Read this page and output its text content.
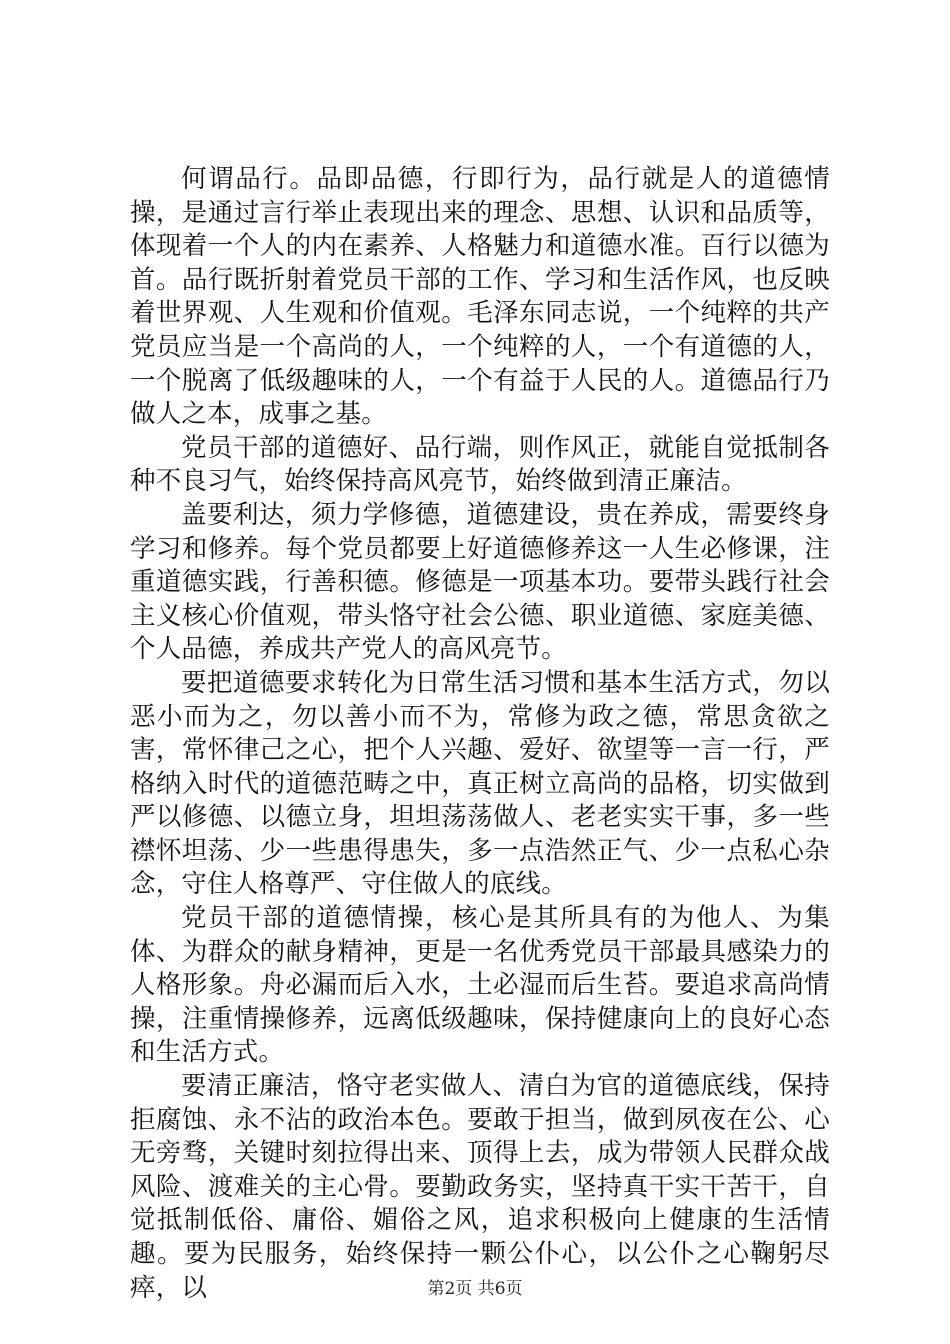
何谓品行。品即品德，行即行为，品行就是人的道德情操，是通过言行举止表现出来的理念、思想、认识和品质等，体现着一个人的内在素养、人格魅力和道德水准。百行以德为首。品行既折射着党员干部的工作、学习和生活作风，也反映着世界观、人生观和价值观。毛泽东同志说，一个纯粹的共产党员应当是一个高尚的人，一个纯粹的人，一个有道德的人，一个脱离了低级趣味的人，一个有益于人民的人。道德品行乃做人之本，成事之基。

党员干部的道德好、品行端，则作风正，就能自觉抵制各种不良习气，始终保持高风亮节，始终做到清正廉洁。

盖要利达，须力学修德，道德建设，贵在养成，需要终身学习和修养。每个党员都要上好道德修养这一人生必修课，注重道德实践，行善积德。修德是一项基本功。要带头践行社会主义核心价值观，带头恪守社会公德、职业道德、家庭美德、个人品德，养成共产党人的高风亮节。

要把道德要求转化为日常生活习惯和基本生活方式，勿以恶小而为之，勿以善小而不为，常修为政之德，常思贪欲之害，常怀律己之心，把个人兴趣、爱好、欲望等一言一行，严格纳入时代的道德范畴之中，真正树立高尚的品格，切实做到严以修德、以德立身，坦坦荡荡做人、老老实实干事，多一些襟怀坦荡、少一些患得患失，多一点浩然正气、少一点私心杂念，守住人格尊严、守住做人的底线。

党员干部的道德情操，核心是其所具有的为他人、为集体、为群众的献身精神，更是一名优秀党员干部最具感染力的人格形象。舟必漏而后入水，土必湿而后生苔。要追求高尚情操，注重情操修养，远离低级趣味，保持健康向上的良好心态和生活方式。

要清正廉洁，恪守老实做人、清白为官的道德底线，保持拒腐蚀、永不沾的政治本色。要敢于担当，做到夙夜在公、心无旁骛，关键时刻拉得出来、顶得上去，成为带领人民群众战风险、渡难关的主心骨。要勤政务实，坚持真干实干苦干，自觉抵制低俗、庸俗、媚俗之风，追求积极向上健康的生活情趣。要为民服务，始终保持一颗公仆心，以公仆之心鞠躬尽瘁，以	第2页 共6页
